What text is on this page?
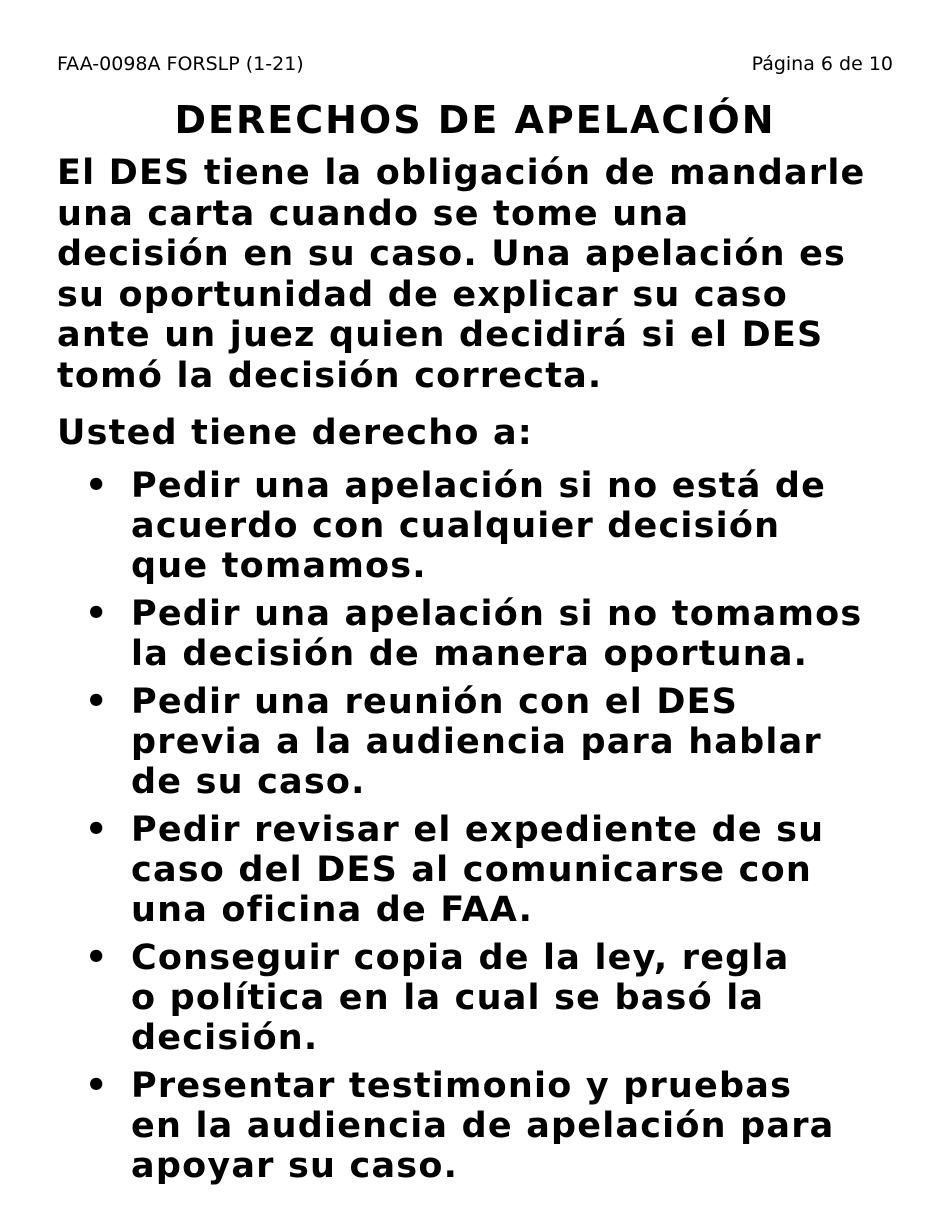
FAA-0098A FORSLP (1-21)	Página 6 de 10
DERECHOS DE APELACIÓN

El DES tiene la obligación de mandarle
una carta cuando se tome una
decisión en su caso. Una apelación es
su oportunidad de explicar su caso
ante un juez quien decidirá si el DES
tomó la decisión correcta.

Usted tiene derecho a:

• Pedir una apelación si no está de
acuerdo con cualquier decisión
que tomamos.
• Pedir una apelación si no tomamos
la decisión de manera oportuna.
• Pedir una reunión con el DES
previa a la audiencia para hablar
de su caso.
• Pedir revisar el expediente de su
caso del DES al comunicarse con
una oficina de FAA.
• Conseguir copia de la ley, regla
o política en la cual se basó la
decisión.
• Presentar testimonio y pruebas
en la audiencia de apelación para
apoyar su caso.
